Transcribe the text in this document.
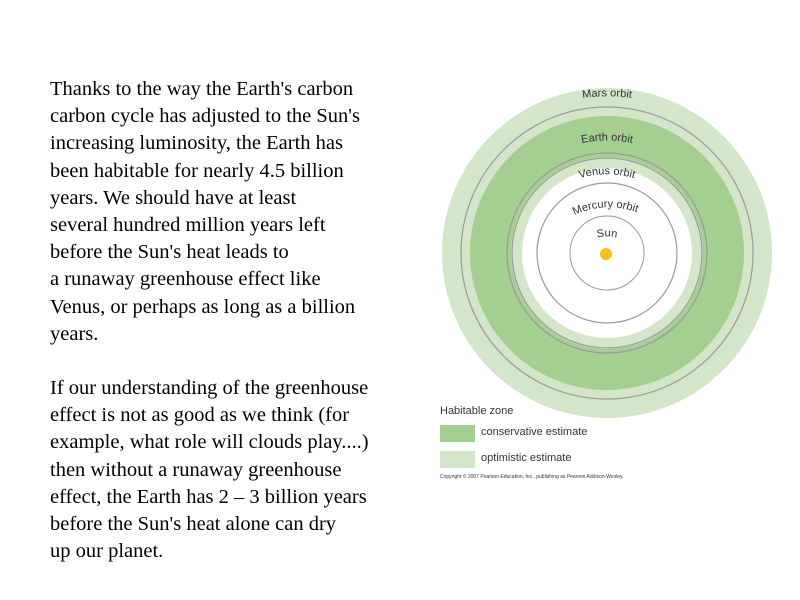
Thanks to the way the Earth's carbon
carbon cycle has adjusted to the Sun's
increasing luminosity, the Earth has
been habitable for nearly 4.5 billion
years. We should have at least
several hundred million years left
before the Sun's heat leads to
a runaway greenhouse effect like
Venus, or perhaps as long as a billion
years.
If our understanding of the greenhouse
effect is not as good as we think (for
example, what role will clouds play....)
then without a runaway greenhouse
effect, the Earth has 2 – 3 billion years
before the Sun's heat alone can dry
up our planet.
Mars orbit
Earth orbit
Venus orbit
Mercury orbit
Sun
Habitable zone
conservative estimate
optimistic estimate
Copyright © 2007 Pearson Education, Inc., publishing as Pearson Addison-Wesley.
